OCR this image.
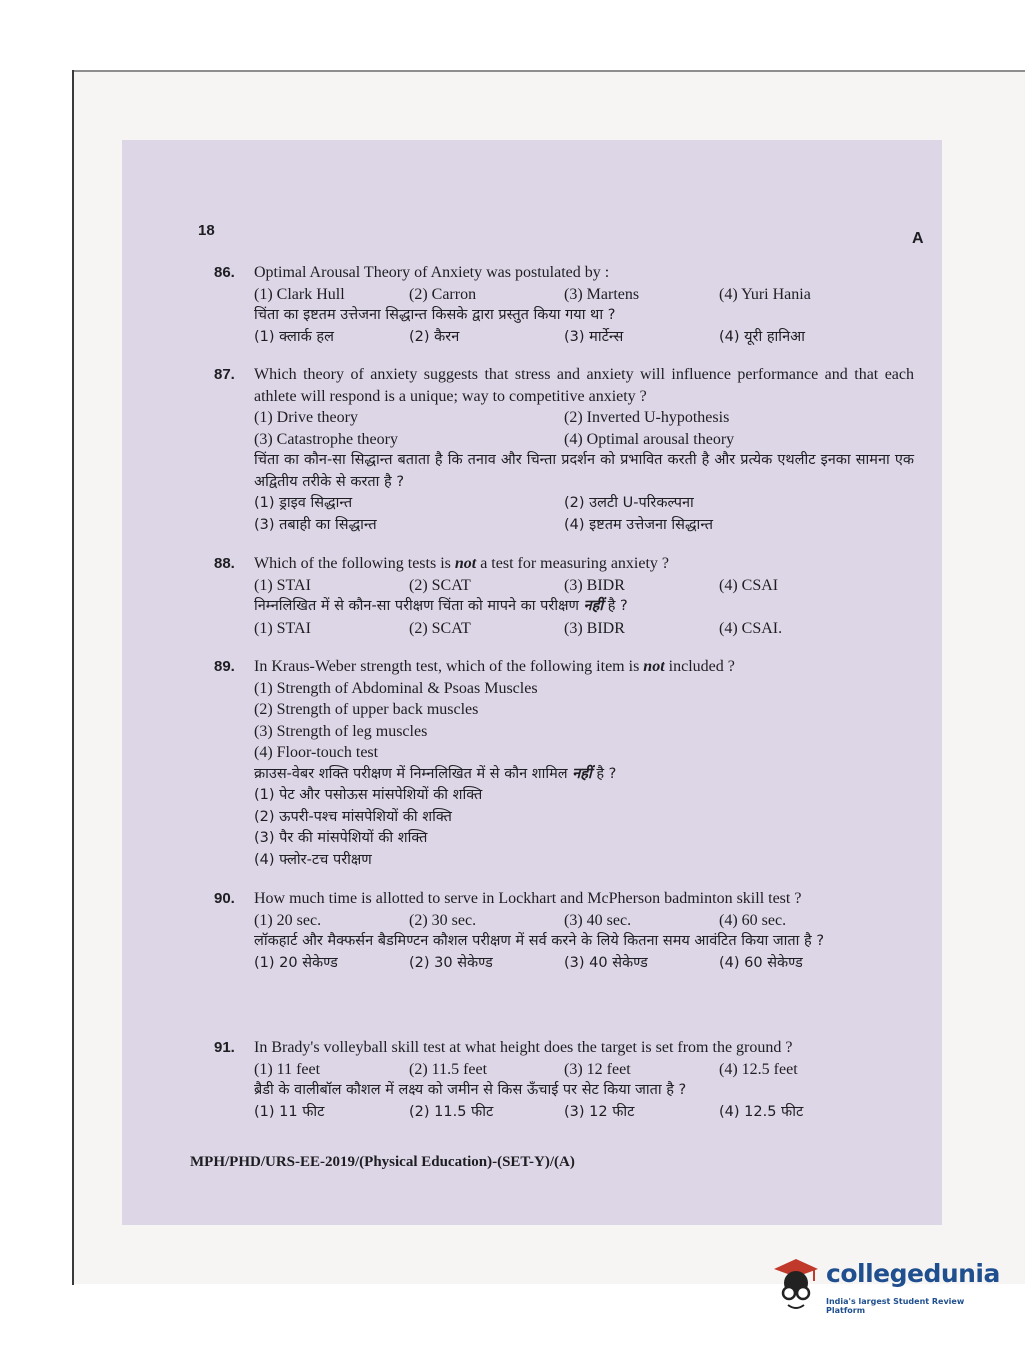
18	A
86.	Optimal Arousal Theory of Anxiety was postulated by :
(1) Clark Hull	(2) Carron	(3) Martens	(4) Yuri Hania
चिंता का इष्टतम उत्तेजना सिद्धान्त किसके द्वारा प्रस्तुत किया गया था ?
(1) क्लार्क हल	(2) कैरन	(3) मार्टेन्स	(4) यूरी हानिआ
87.	Which theory of anxiety suggests that stress and anxiety will influence performance and that each athlete will respond is a unique; way to competitive anxiety ?
(1) Drive theory	(2) Inverted U-hypothesis
(3) Catastrophe theory	(4) Optimal arousal theory
चिंता का कौन-सा सिद्धान्त बताता है कि तनाव और चिन्ता प्रदर्शन को प्रभावित करती है और प्रत्येक एथलीट इनका सामना एक अद्वितीय तरीके से करता है ?
(1) ड्राइव सिद्धान्त	(2) उलटी U-परिकल्पना
(3) तबाही का सिद्धान्त	(4) इष्टतम उत्तेजना सिद्धान्त
88.	Which of the following tests is not a test for measuring anxiety ?
(1) STAI	(2) SCAT	(3) BIDR	(4) CSAI
निम्नलिखित में से कौन-सा परीक्षण चिंता को मापने का परीक्षण नहीं है ?
(1) STAI	(2) SCAT	(3) BIDR	(4) CSAI.
89.	In Kraus-Weber strength test, which of the following item is not included ?
(1) Strength of Abdominal & Psoas Muscles
(2) Strength of upper back muscles
(3) Strength of leg muscles
(4) Floor-touch test
क्राउस-वेबर शक्ति परीक्षण में निम्नलिखित में से कौन शामिल नहीं है ?
(1) पेट और पसोऊस मांसपेशियों की शक्ति
(2) ऊपरी-पश्च मांसपेशियों की शक्ति
(3) पैर की मांसपेशियों की शक्ति
(4) फ्लोर-टच परीक्षण
90.	How much time is allotted to serve in Lockhart and McPherson badminton skill test ?
(1) 20 sec.	(2) 30 sec.	(3) 40 sec.	(4) 60 sec.
लॉकहार्ट और मैक्फर्सन बैडमिण्टन कौशल परीक्षण में सर्व करने के लिये कितना समय आवंटित किया जाता है ?
(1) 20 सेकेण्ड	(2) 30 सेकेण्ड	(3) 40 सेकेण्ड	(4) 60 सेकेण्ड
91.	In Brady's volleyball skill test at what height does the target is set from the ground ?
(1) 11 feet	(2) 11.5 feet	(3) 12 feet	(4) 12.5 feet
ब्रैडी के वालीबॉल कौशल में लक्ष्य को जमीन से किस ऊँचाई पर सेट किया जाता है ?
(1) 11 फीट	(2) 11.5 फीट	(3) 12 फीट	(4) 12.5 फीट
MPH/PHD/URS-EE-2019/(Physical Education)-(SET-Y)/(A)
collegedunia
India's largest Student Review Platform
